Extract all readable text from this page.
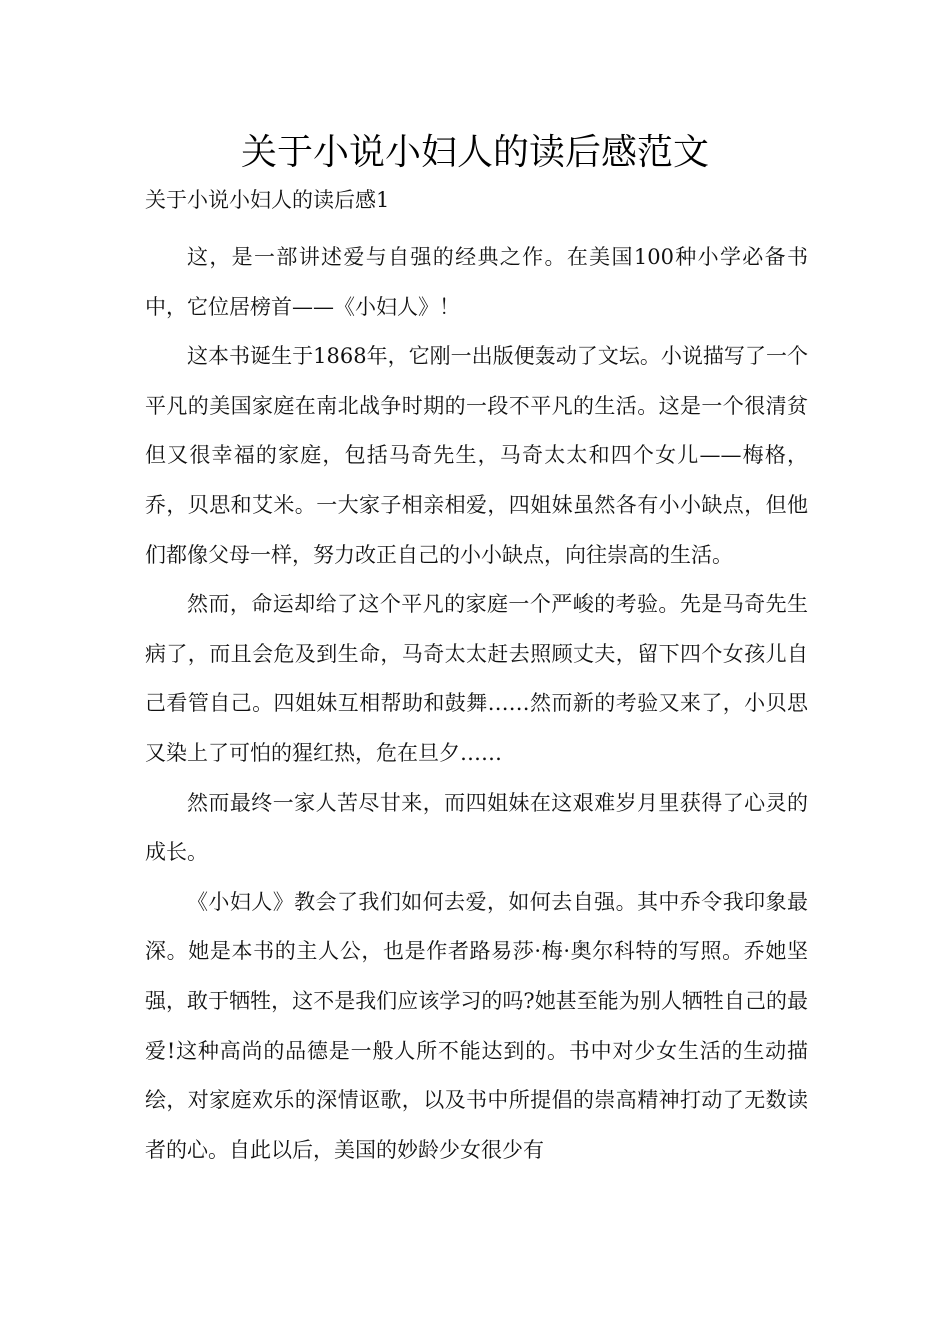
关于小说小妇人的读后感范文

关于小说小妇人的读后感1

这，是一部讲述爱与自强的经典之作。在美国100种小学必备书中，它位居榜首——《小妇人》！

这本书诞生于1868年，它刚一出版便轰动了文坛。小说描写了一个平凡的美国家庭在南北战争时期的一段不平凡的生活。这是一个很清贫但又很幸福的家庭，包括马奇先生，马奇太太和四个女儿——梅格，乔，贝思和艾米。一大家子相亲相爱，四姐妹虽然各有小小缺点，但他们都像父母一样，努力改正自己的小小缺点，向往崇高的生活。

然而，命运却给了这个平凡的家庭一个严峻的考验。先是马奇先生病了，而且会危及到生命，马奇太太赶去照顾丈夫，留下四个女孩儿自己看管自己。四姐妹互相帮助和鼓舞……然而新的考验又来了，小贝思又染上了可怕的猩红热，危在旦夕……

然而最终一家人苦尽甘来，而四姐妹在这艰难岁月里获得了心灵的成长。

《小妇人》教会了我们如何去爱，如何去自强。其中乔令我印象最深。她是本书的主人公，也是作者路易莎·梅·奥尔科特的写照。乔她坚强，敢于牺牲，这不是我们应该学习的吗?她甚至能为别人牺牲自己的最爱!这种高尚的品德是一般人所不能达到的。书中对少女生活的生动描绘，对家庭欢乐的深情讴歌，以及书中所提倡的崇高精神打动了无数读者的心。自此以后，美国的妙龄少女很少有
